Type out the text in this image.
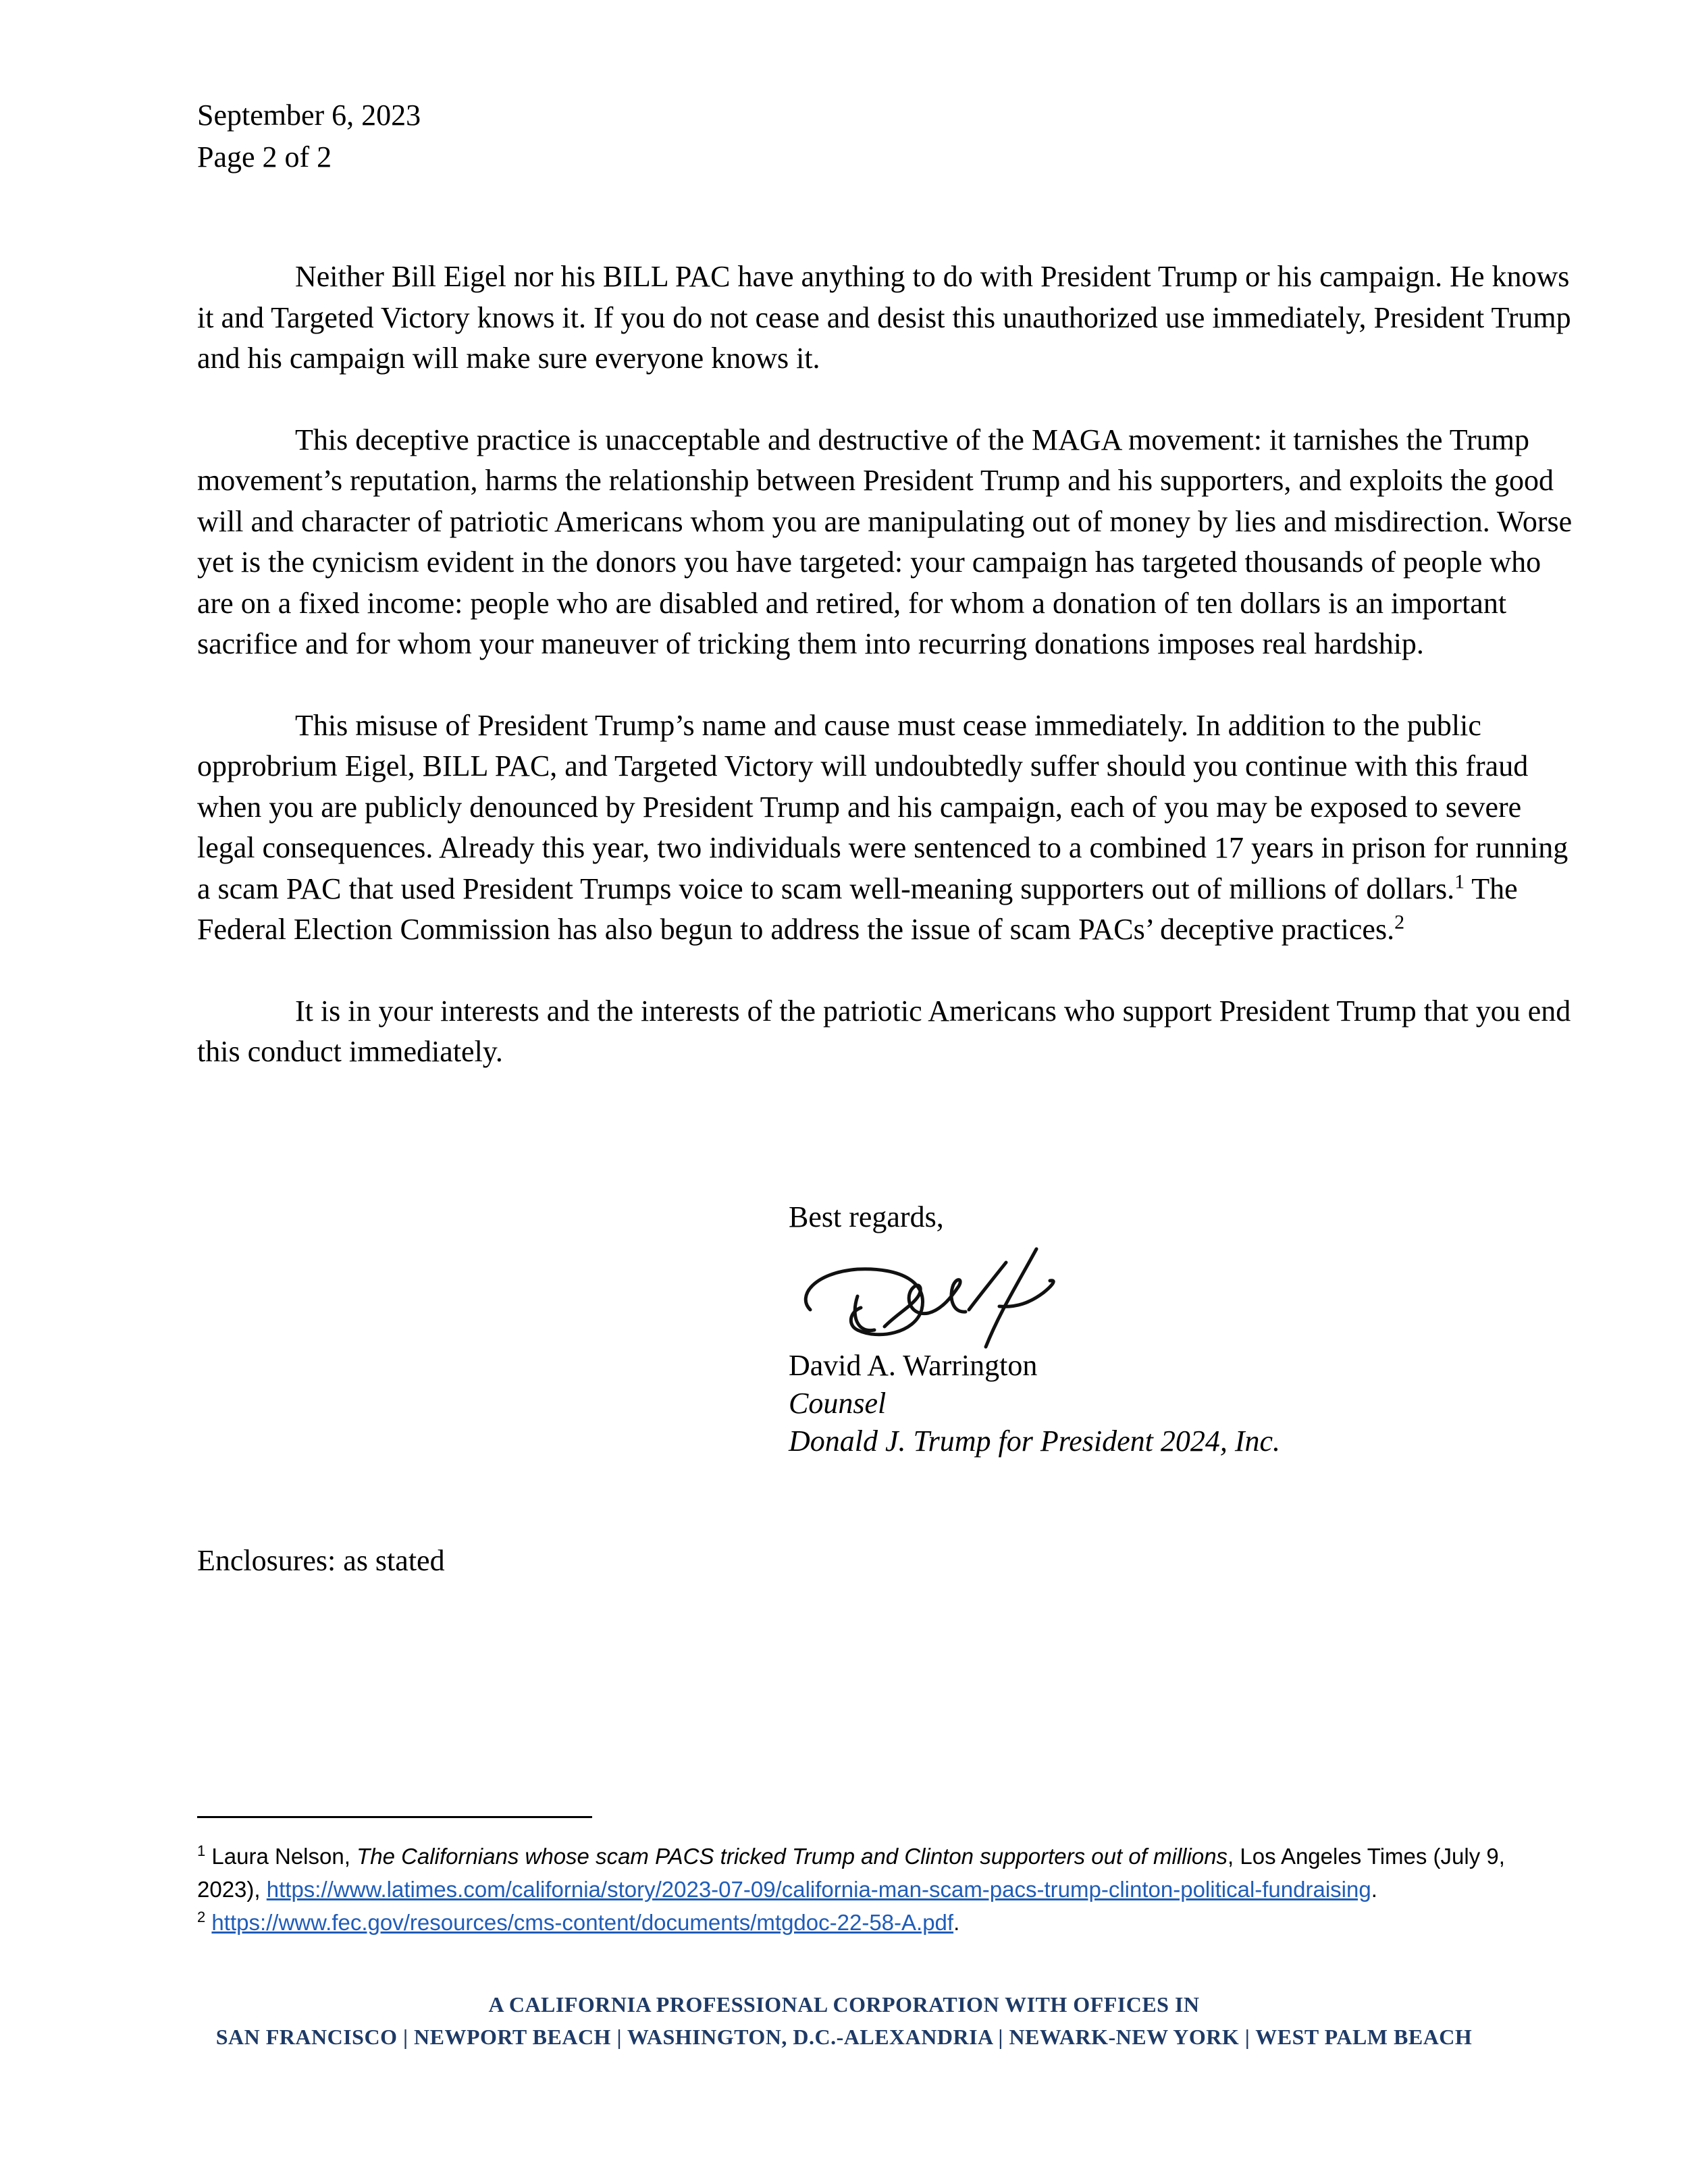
September 6, 2023
Page 2 of 2

Neither Bill Eigel nor his BILL PAC have anything to do with President Trump or his campaign. He knows it and Targeted Victory knows it. If you do not cease and desist this unauthorized use immediately, President Trump and his campaign will make sure everyone knows it.

This deceptive practice is unacceptable and destructive of the MAGA movement: it tarnishes the Trump movement’s reputation, harms the relationship between President Trump and his supporters, and exploits the good will and character of patriotic Americans whom you are manipulating out of money by lies and misdirection. Worse yet is the cynicism evident in the donors you have targeted: your campaign has targeted thousands of people who are on a fixed income: people who are disabled and retired, for whom a donation of ten dollars is an important sacrifice and for whom your maneuver of tricking them into recurring donations imposes real hardship.

This misuse of President Trump’s name and cause must cease immediately. In addition to the public opprobrium Eigel, BILL PAC, and Targeted Victory will undoubtedly suffer should you continue with this fraud when you are publicly denounced by President Trump and his campaign, each of you may be exposed to severe legal consequences. Already this year, two individuals were sentenced to a combined 17 years in prison for running a scam PAC that used President Trumps voice to scam well-meaning supporters out of millions of dollars.$^1$ The Federal Election Commission has also begun to address the issue of scam PACs’ deceptive practices.$^2$

It is in your interests and the interests of the patriotic Americans who support President Trump that you end this conduct immediately.

Best regards,
David A. Warrington
Counsel
Donald J. Trump for President 2024, Inc.
Enclosures: as stated

$^1$ Laura Nelson, The Californians whose scam PACS tricked Trump and Clinton supporters out of millions, Los Angeles Times (July 9, 2023), https://www.latimes.com/california/story/2023-07-09/california-man-scam-pacs-trump-clinton-political-fundraising.

$^2$ https://www.fec.gov/resources/cms-content/documents/mtgdoc-22-58-A.pdf.

A CALIFORNIA PROFESSIONAL CORPORATION WITH OFFICES IN
SAN FRANCISCO | NEWPORT BEACH | WASHINGTON, D.C.-ALEXANDRIA | NEWARK-NEW YORK | WEST PALM BEACH
